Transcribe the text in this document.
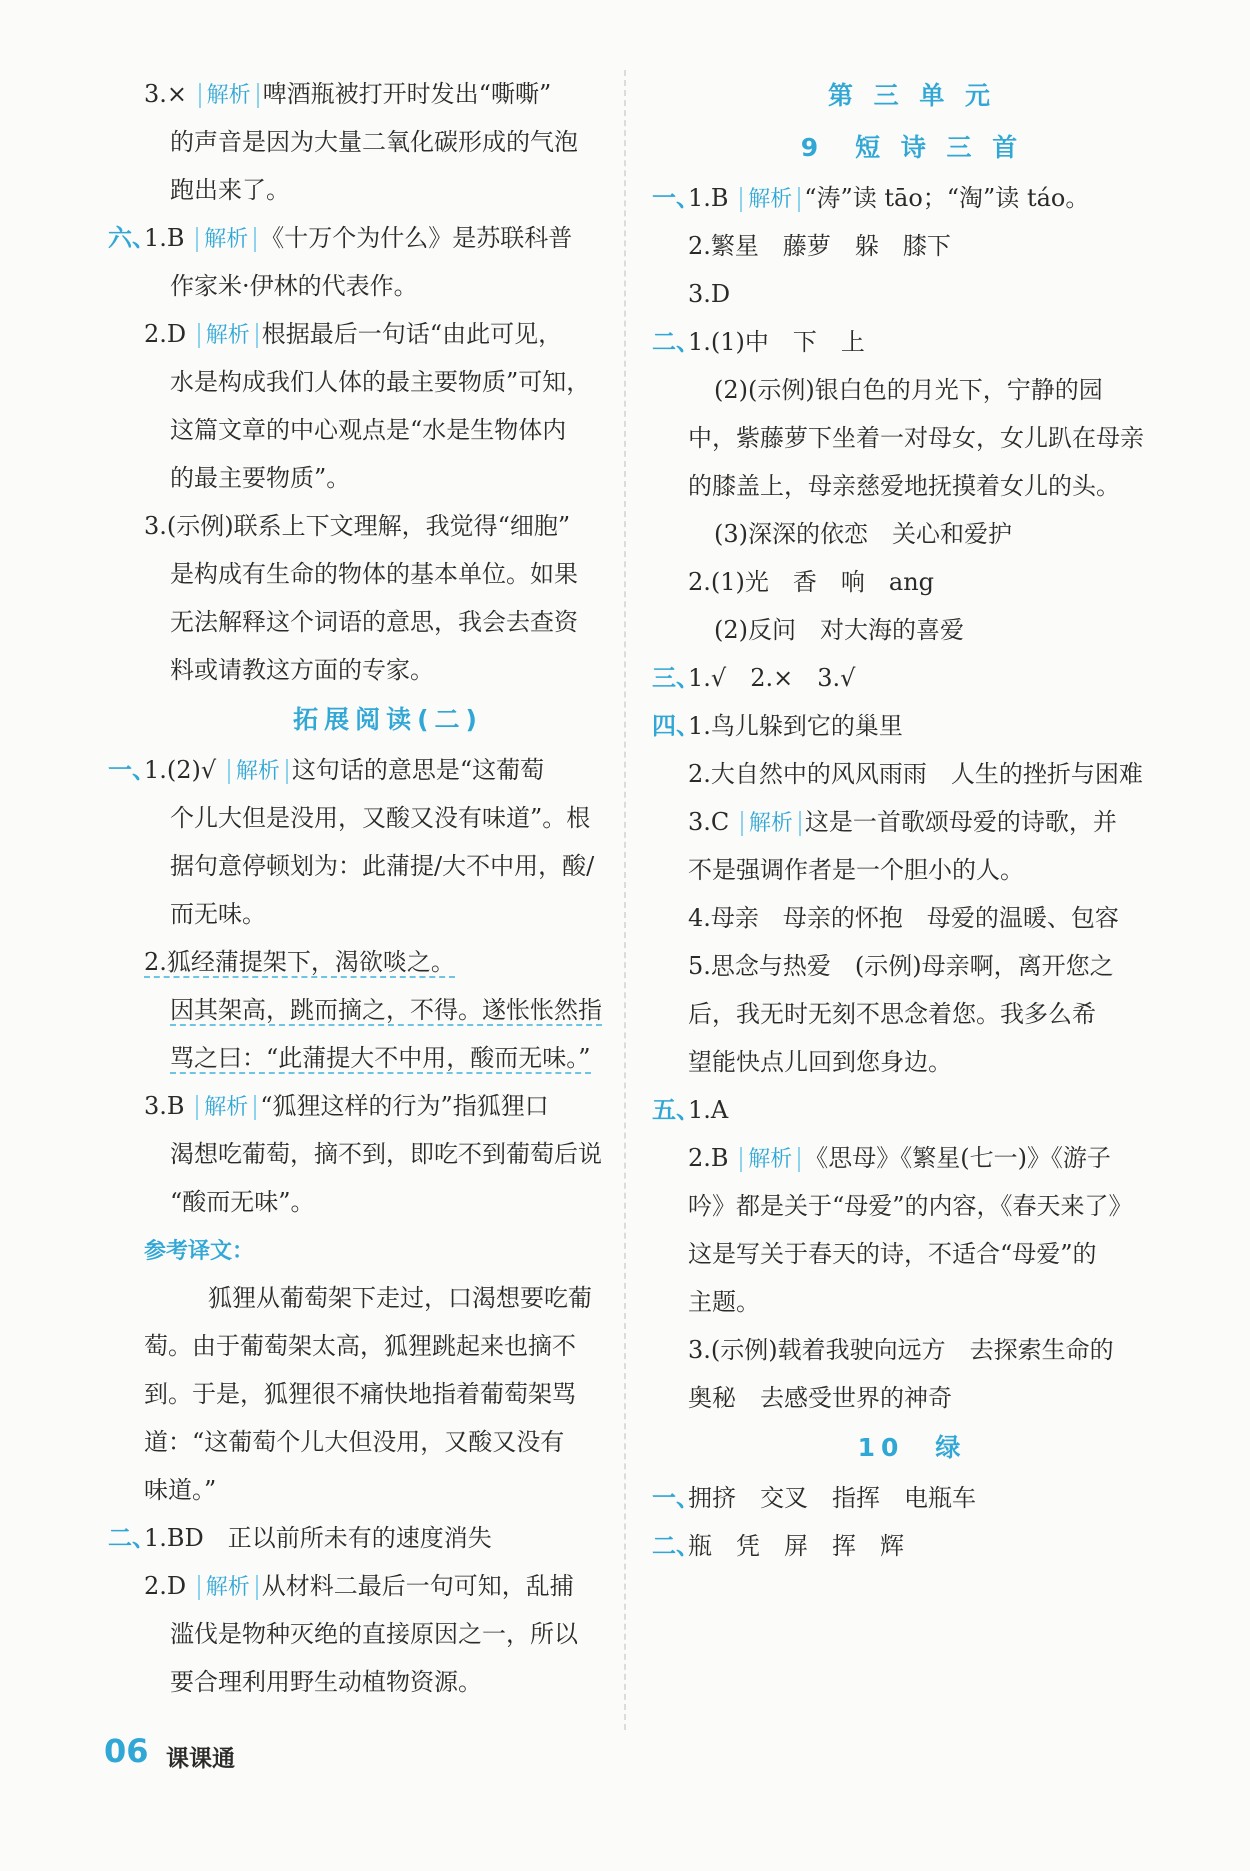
3.× 解析 啤酒瓶被打开时发出“嘶嘶”
的声音是因为大量二氧化碳形成的气泡
跑出来了。
六、
1.B 解析 《十万个为什么》是苏联科普
作家米·伊林的代表作。
2.D 解析 根据最后一句话“由此可见，
水是构成我们人体的最主要物质”可知，
这篇文章的中心观点是“水是生物体内
的最主要物质”。
3.(示例)联系上下文理解，我觉得“细胞”
是构成有生命的物体的基本单位。如果
无法解释这个词语的意思，我会去查资
料或请教这方面的专家。
拓展阅读(二)
一、
1.(2)√ 解析 这句话的意思是“这葡萄
个儿大但是没用，又酸又没有味道”。根
据句意停顿划为：此蒲提/大不中用，酸/
而无味。
2.狐经蒲提架下，渴欲啖之。
因其架高，跳而摘之，不得。遂怅怅然指
骂之曰：“此蒲提大不中用，酸而无味。”
3.B 解析 “狐狸这样的行为”指狐狸口
渴想吃葡萄，摘不到，即吃不到葡萄后说
“酸而无味”。
参考译文：
狐狸从葡萄架下走过，口渴想要吃葡
萄。由于葡萄架太高，狐狸跳起来也摘不
到。于是，狐狸很不痛快地指着葡萄架骂
道：“这葡萄个儿大但没用，又酸又没有
味道。”
二、
1.BD　正以前所未有的速度消失
2.D 解析 从材料二最后一句可知，乱捕
滥伐是物种灭绝的直接原因之一，所以
要合理利用野生动植物资源。
第 三 单 元
9　短 诗 三 首
一、
1.B 解析 “涛”读 tāo；“淘”读 táo。
2.繁星　藤萝　躲　膝下
3.D
二、
1.(1)中　下　上
(2)(示例)银白色的月光下，宁静的园
中，紫藤萝下坐着一对母女，女儿趴在母亲
的膝盖上，母亲慈爱地抚摸着女儿的头。
(3)深深的依恋　关心和爱护
2.(1)光　香　响　ang
(2)反问　对大海的喜爱
三、
1.√　2.×　3.√
四、
1.鸟儿躲到它的巢里
2.大自然中的风风雨雨　人生的挫折与困难
3.C 解析 这是一首歌颂母爱的诗歌，并
不是强调作者是一个胆小的人。
4.母亲　母亲的怀抱　母爱的温暖、包容
5.思念与热爱　(示例)母亲啊，离开您之
后，我无时无刻不思念着您。我多么希
望能快点儿回到您身边。
五、
1.A
2.B 解析 《思母》《繁星(七一)》《游子
吟》都是关于“母爱”的内容，《春天来了》
这是写关于春天的诗，不适合“母爱”的
主题。
3.(示例)载着我驶向远方　去探索生命的
奥秘　去感受世界的神奇
10　绿
一、
拥挤　交叉　指挥　电瓶车
二、
瓶　凭　屏　挥　辉
06 课课通
